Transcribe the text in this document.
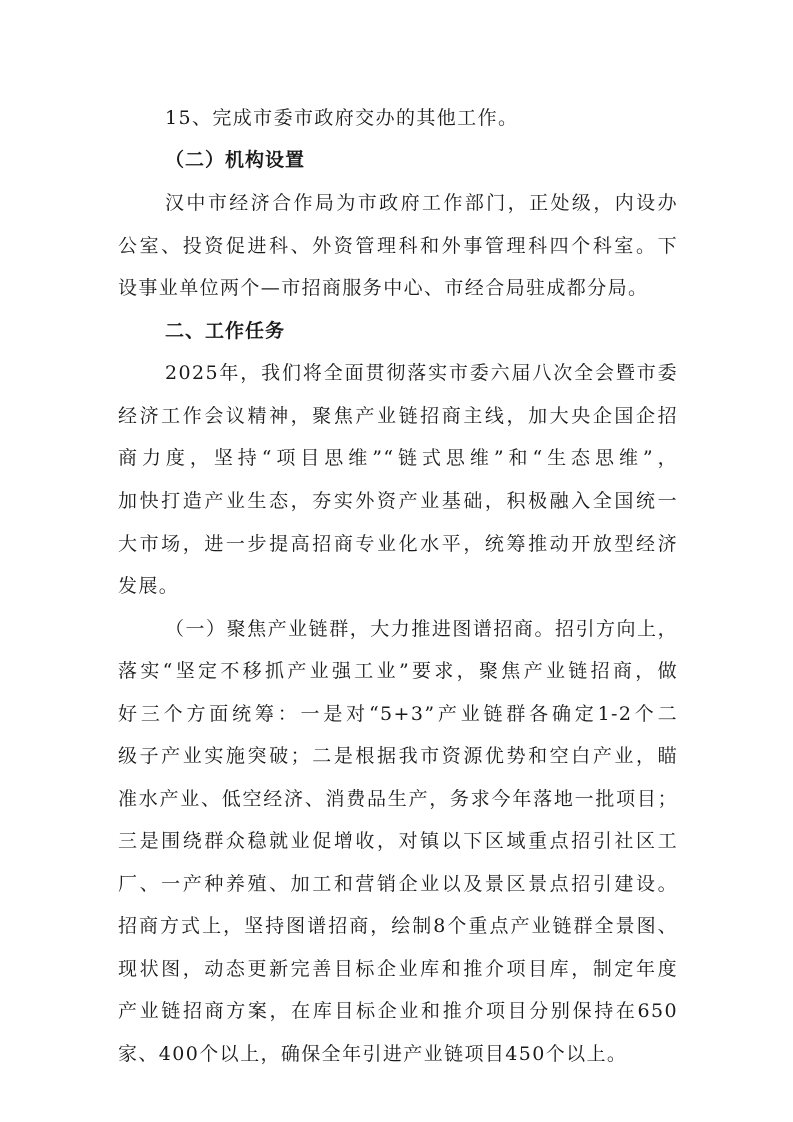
15、完成市委市政府交办的其他工作。
（二）机构设置
汉中市经济合作局为市政府工作部门，正处级，内设办
公室、投资促进科、外资管理科和外事管理科四个科室。下
设事业单位两个—市招商服务中心、市经合局驻成都分局。
二、工作任务
2025年，我们将全面贯彻落实市委六届八次全会暨市委
经济工作会议精神，聚焦产业链招商主线，加大央企国企招
商力度，坚持“项目思维”“链式思维”和“生态思维”，
加快打造产业生态，夯实外资产业基础，积极融入全国统一
大市场，进一步提高招商专业化水平，统筹推动开放型经济
发展。
（一）聚焦产业链群，大力推进图谱招商。招引方向上，
落实“坚定不移抓产业强工业”要求，聚焦产业链招商，做
好三个方面统筹：一是对“5+3”产业链群各确定1-2个二
级子产业实施突破；二是根据我市资源优势和空白产业，瞄
准水产业、低空经济、消费品生产，务求今年落地一批项目；
三是围绕群众稳就业促增收，对镇以下区域重点招引社区工
厂、一产种养殖、加工和营销企业以及景区景点招引建设。
招商方式上，坚持图谱招商，绘制8个重点产业链群全景图、
现状图，动态更新完善目标企业库和推介项目库，制定年度
产业链招商方案，在库目标企业和推介项目分别保持在650
家、400个以上，确保全年引进产业链项目450个以上。
